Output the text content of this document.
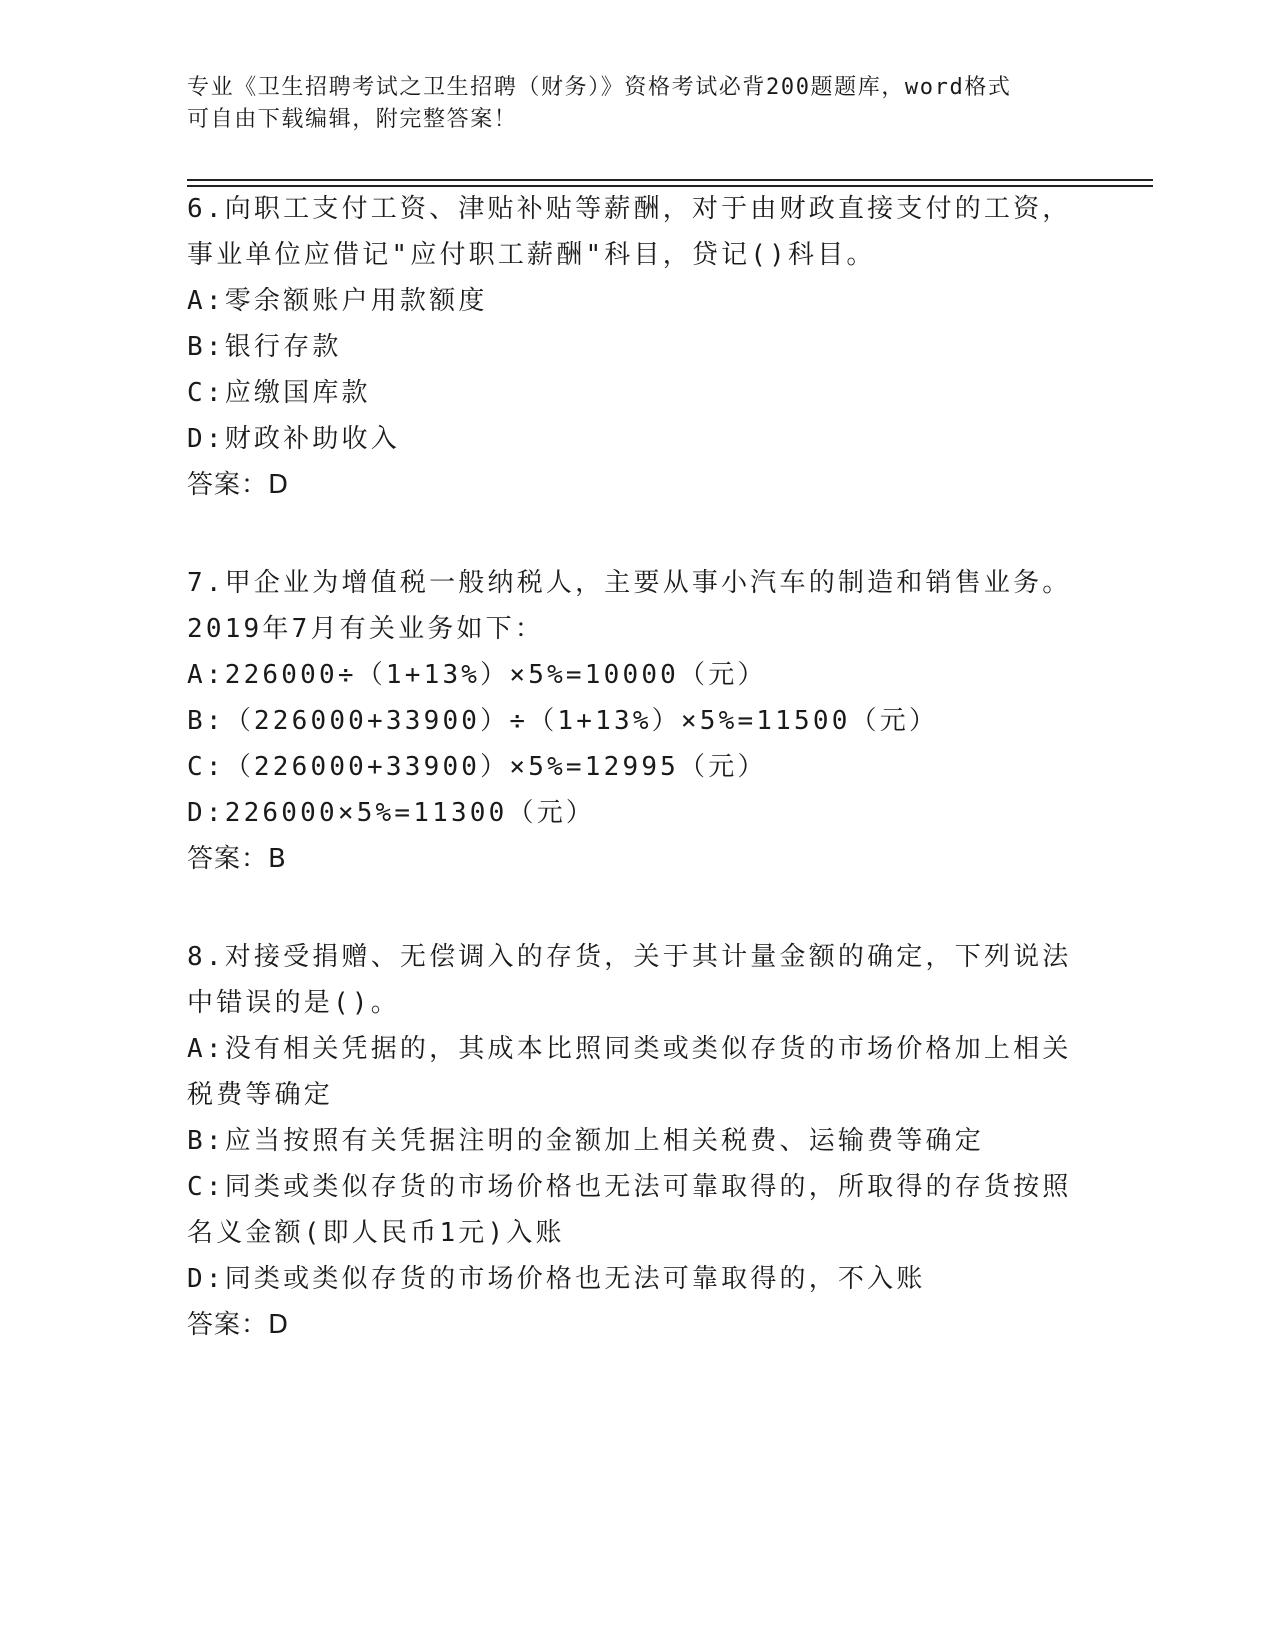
专业《卫生招聘考试之卫生招聘（财务）》资格考试必背200题题库，word格式
可自由下载编辑，附完整答案！
6.向职工支付工资、津贴补贴等薪酬，对于由财政直接支付的工资，
事业单位应借记"应付职工薪酬"科目，贷记()科目。
A: 零余额账户用款额度
B: 银行存款
C: 应缴国库款
D: 财政补助收入
答案：D
7.甲企业为增值税一般纳税人，主要从事小汽车的制造和销售业务。
2019年7月有关业务如下：
A: 226000÷（1+13%）×5%=10000（元）
B: （226000+33900）÷（1+13%）×5%=11500（元）
C: （226000+33900）×5%=12995（元）
D: 226000×5%=11300（元）
答案：B
8.对接受捐赠、无偿调入的存货，关于其计量金额的确定，下列说法
中错误的是()。
A:没有相关凭据的，其成本比照同类或类似存货的市场价格加上相关
税费等确定
B: 应当按照有关凭据注明的金额加上相关税费、运输费等确定
C:同类或类似存货的市场价格也无法可靠取得的，所取得的存货按照
名义金额(即人民币1元)入账
D: 同类或类似存货的市场价格也无法可靠取得的，不入账
答案：D
